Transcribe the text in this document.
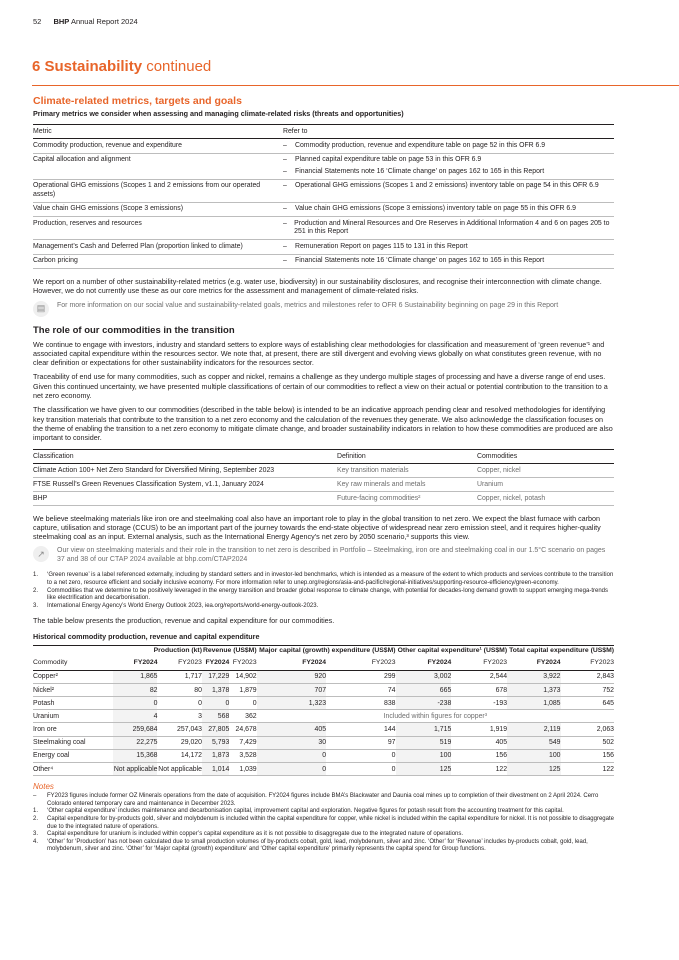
52 BHP Annual Report 2024
6 Sustainability continued
Climate-related metrics, targets and goals
Primary metrics we consider when assessing and managing climate-related risks (threats and opportunities)
Metric	Refer to
Commodity production, revenue and expenditure	– Commodity production, revenue and expenditure table on page 52 in this OFR 6.9

Capital allocation and alignment	– Planned capital expenditure table on page 53 in this OFR 6.9
– Financial Statements note 16 ‘Climate change’ on pages 162 to 165 in this Report

Operational GHG emissions (Scopes 1 and 2 emissions from our operated assets)	– Operational GHG emissions (Scopes 1 and 2 emissions) inventory table on page 54 in this OFR 6.9

Value chain GHG emissions (Scope 3 emissions)	– Value chain GHG emissions (Scope 3 emissions) inventory table on page 55 in this OFR 6.9

Production, reserves and resources	– Production and Mineral Resources and Ore Reserves in Additional Information 4 and 6 on pages 205 to 251 in this Report

Management’s Cash and Deferred Plan (proportion linked to climate)	– Remuneration Report on pages 115 to 131 in this Report

Carbon pricing	– Financial Statements note 16 ‘Climate change’ on pages 162 to 165 in this Report

We report on a number of other sustainability-related metrics (e.g. water use, biodiversity) in our sustainability disclosures, and recognise their interconnection with climate change. However, we do not currently use these as our core metrics for the assessment and management of climate-related risks.

▤	For more information on our social value and sustainability-related goals, metrics and milestones refer to OFR 6 Sustainability beginning on page 29 in this Report
The role of our commodities in the transition

We continue to engage with investors, industry and standard setters to explore ways of establishing clear methodologies for classification and measurement of ‘green revenue’¹ and associated capital expenditure within the resources sector. We note that, at present, there are still divergent and evolving views globally on what constitutes green revenue, with no clear definition or expectations for other sustainability indicators for the resources sector.

Traceability of end use for many commodities, such as copper and nickel, remains a challenge as they undergo multiple stages of processing and have a diverse range of end uses. Given this continued uncertainty, we have presented multiple classifications of certain of our commodities to reflect a view on their actual or potential contribution to the transition to a net zero economy.

The classification we have given to our commodities (described in the table below) is intended to be an indicative approach pending clear and resolved methodologies for identifying key transition materials that contribute to the transition to a net zero economy and the calculation of the revenues they generate. We also acknowledge the classification focuses on the theme of enabling the transition to a net zero economy to mitigate climate change, and broader sustainability indicators in relation to how these commodities are produced are also important to consider.

Classification	Definition	Commodities
Climate Action 100+ Net Zero Standard for Diversified Mining, September 2023	Key transition materials	Copper, nickel
FTSE Russell’s Green Revenues Classification System, v1.1, January 2024	Key raw minerals and metals	Uranium
BHP	Future-facing commodities²	Copper, nickel, potash

We believe steelmaking materials like iron ore and steelmaking coal also have an important role to play in the global transition to net zero. We expect the blast furnace with carbon capture, utilisation and storage (CCUS) to be an important part of the journey towards the end-state objective of widespread near zero emission steel, and it requires higher-quality steelmaking coal as an input. External analysis, such as the International Energy Agency’s net zero by 2050 scenario,³ supports this view.

↗	Our view on steelmaking materials and their role in the transition to net zero is described in Portfolio – Steelmaking, iron ore and steelmaking coal in our 1.5°C scenario on pages 37 and 38 of our CTAP 2024 available at bhp.com/CTAP2024
1.	‘Green revenue’ is a label referenced externally, including by standard setters and in investor-led benchmarks, which is intended as a measure of the extent to which products and services contribute to the transition to a net zero, resource efficient and socially inclusive economy. For more information refer to unep.org/regions/asia-and-pacific/regional-initiatives/supporting-resource-efficiency/green-economy.
2.	Commodities that we determine to be positively leveraged in the energy transition and broader global response to climate change, with potential for decades-long demand growth to support emerging mega-trends like electrification and decarbonisation.
3.	International Energy Agency’s World Energy Outlook 2023, iea.org/reports/world-energy-outlook-2023.

The table below presents the production, revenue and capital expenditure for our commodities.

Historical commodity production, revenue and capital expenditure										
	Production (kt)		Revenue (US$M)		Major capital (growth) expenditure (US$M)		Other capital expenditure¹ (US$M)		Total capital expenditure (US$M)	
Commodity	FY2024	FY2023	FY2024	FY2023	FY2024	FY2023	FY2024	FY2023	FY2024	FY2023
Copper²	1,865	1,717	17,229	14,902	920	299	3,002	2,544	3,922	2,843
Nickel²	82	80	1,378	1,879	707	74	665	678	1,373	752
Potash	0	0	0	0	1,323	838	-238	-193	1,085	645
Uranium	4	3	568	362	Included within figures for copper³					
Iron ore	259,684	257,043	27,805	24,678	405	144	1,715	1,919	2,119	2,063
Steelmaking coal	22,275	29,020	5,793	7,429	30	97	519	405	549	502
Energy coal	15,368	14,172	1,873	3,528	0	0	100	156	100	156
Other⁴	Not applicable	Not applicable	1,014	1,039	0	0	125	122	125	122
Notes
–	FY2023 figures include former OZ Minerals operations from the date of acquisition. FY2024 figures include BMA’s Blackwater and Daunia coal mines up to completion of their divestment on 2 April 2024. Cerro Colorado entered temporary care and maintenance in December 2023.
1.	‘Other capital expenditure’ includes maintenance and decarbonisation capital, improvement capital and exploration. Negative figures for potash result from the accounting treatment for this capital.
2.	Capital expenditure for by-products gold, silver and molybdenum is included within the capital expenditure for copper, while nickel is included within the capital expenditure for nickel. It is not possible to disaggregate due to the integrated nature of operations.
3.	Capital expenditure for uranium is included within copper’s capital expenditure as it is not possible to disaggregate due to the integrated nature of operations.
4.	‘Other’ for ‘Production’ has not been calculated due to small production volumes of by-products cobalt, gold, lead, molybdenum, silver and zinc. ‘Other’ for ‘Revenue’ includes by-products cobalt, gold, lead, molybdenum, silver and zinc. ‘Other’ for ‘Major capital (growth) expenditure’ and ‘Other capital expenditure’ primarily represents the capital spend for Group functions.
